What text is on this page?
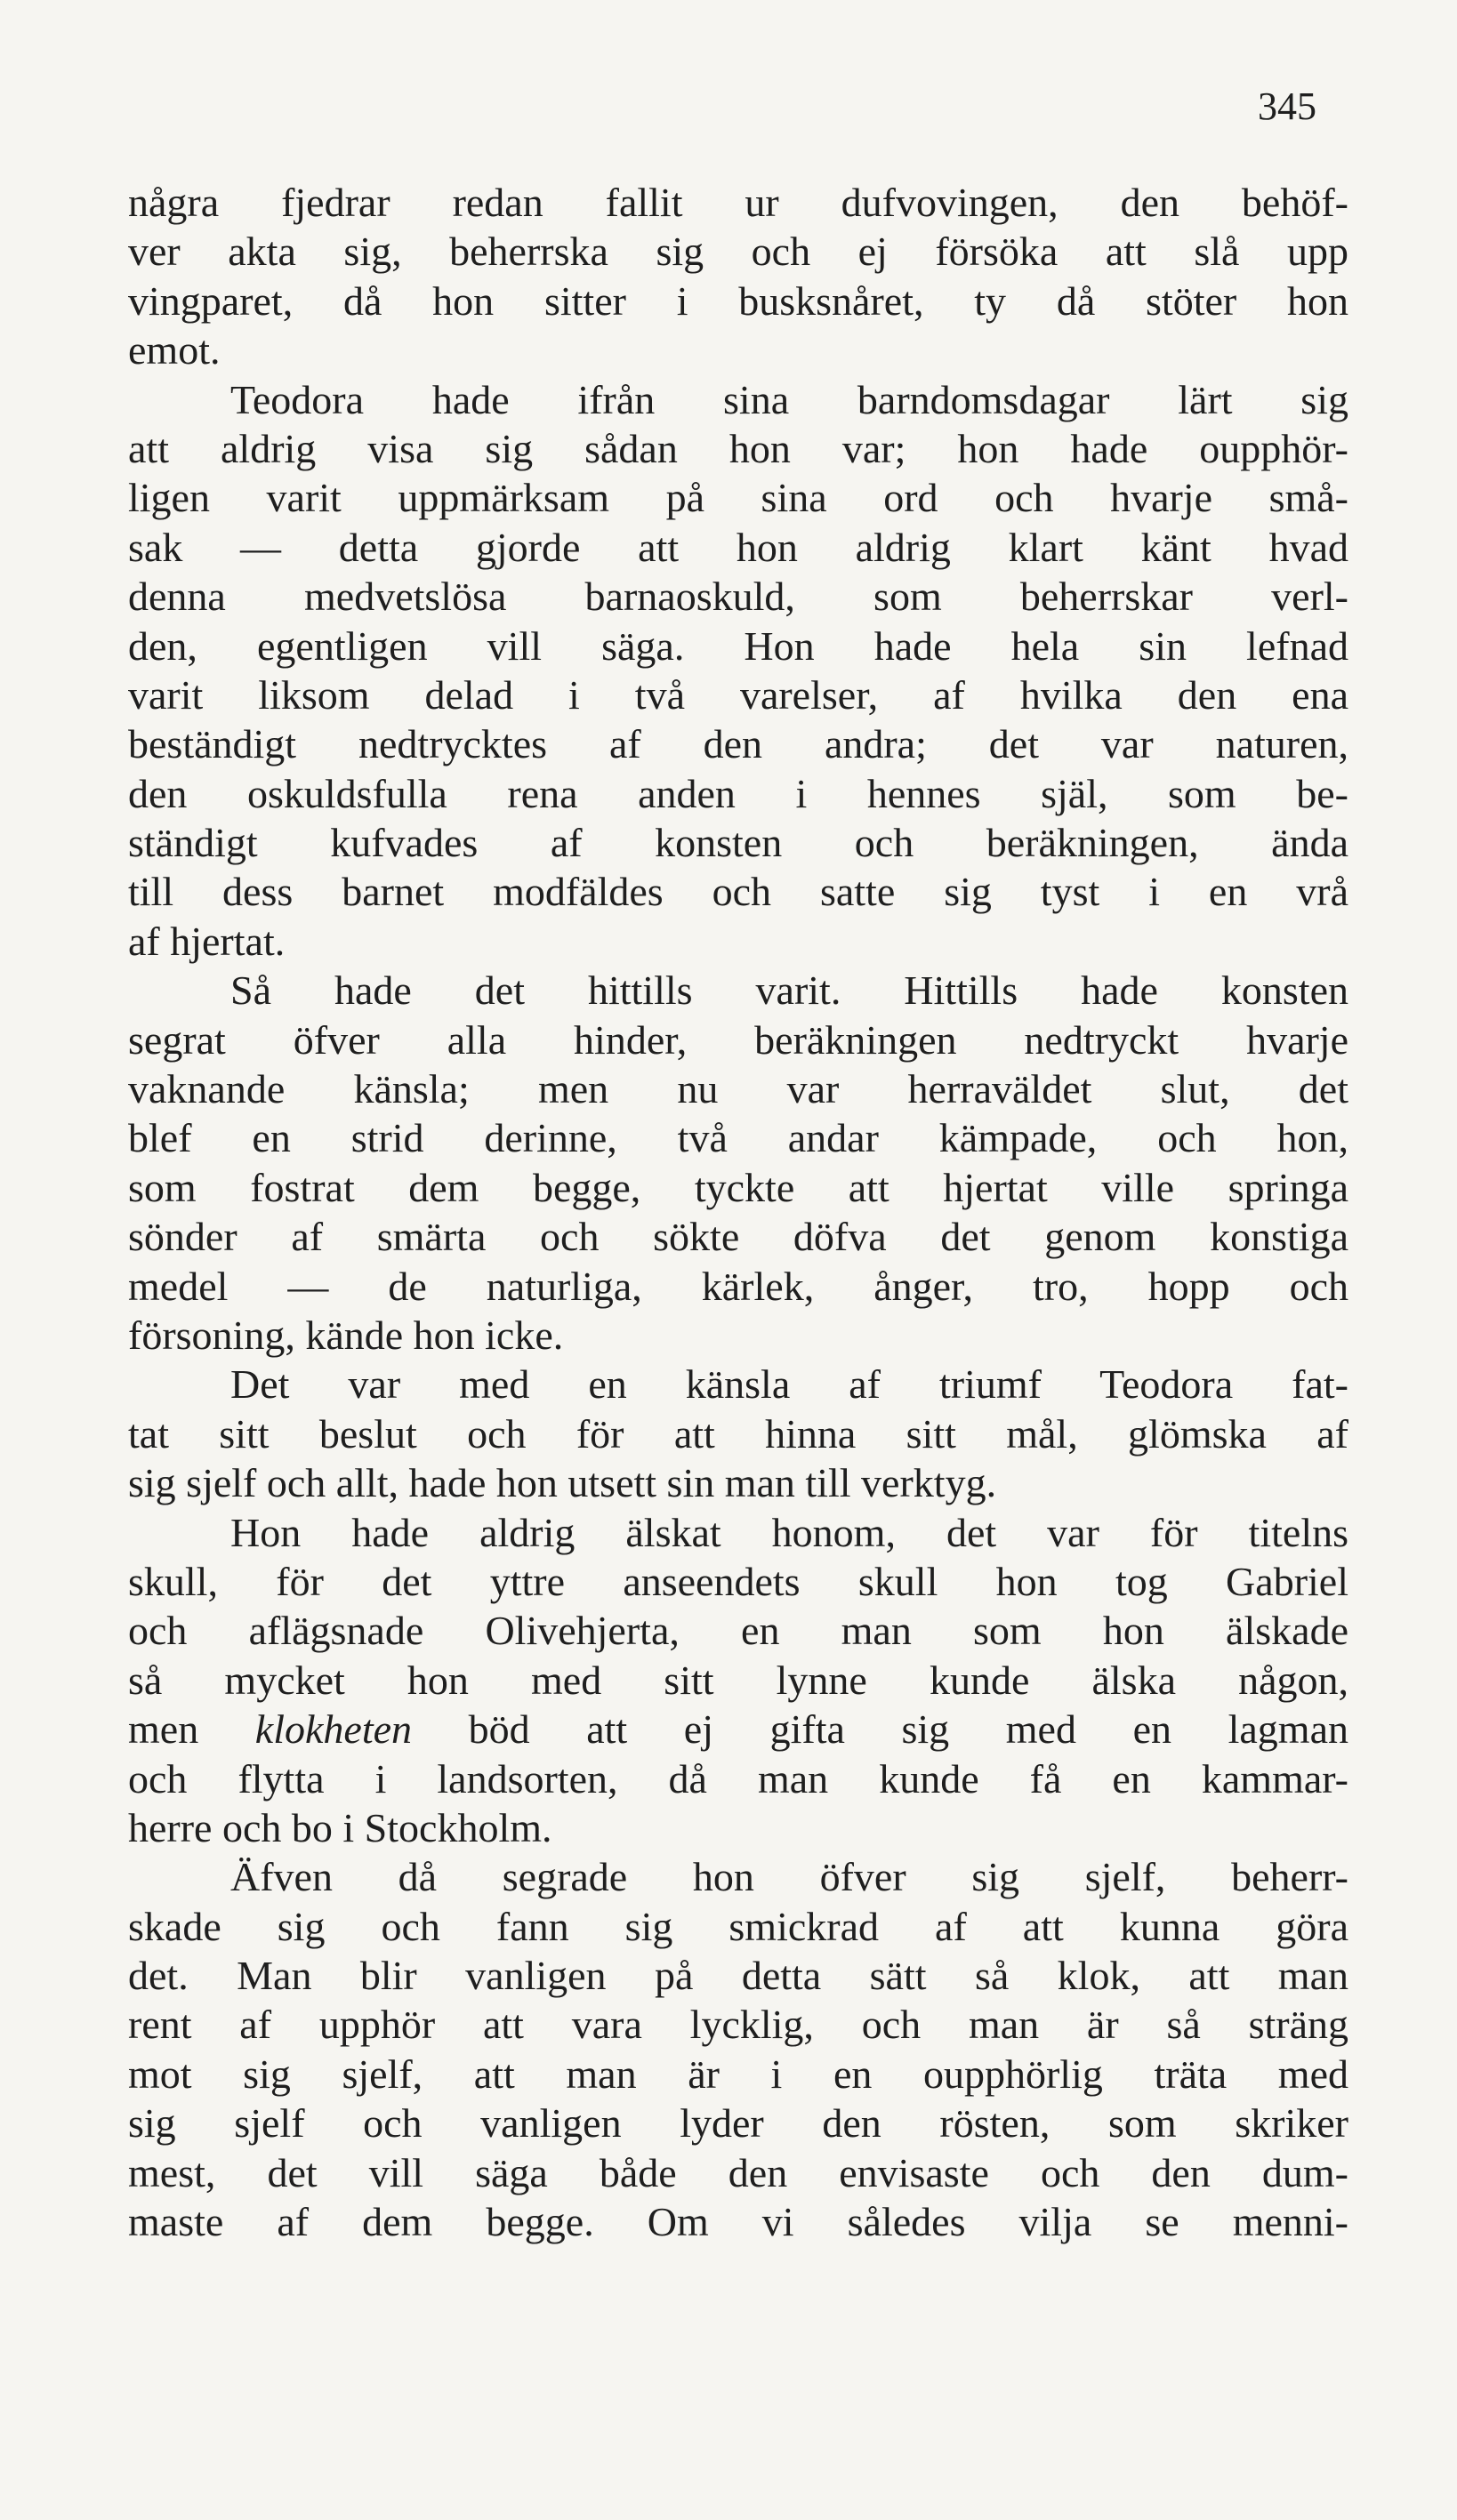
345
några fjedrar redan fallit ur dufvovingen, den behöf-
ver akta sig, beherrska sig och ej försöka att slå upp
vingparet, då hon sitter i busksnåret, ty då stöter hon
emot.
Teodora hade ifrån sina barndomsdagar lärt sig
att aldrig visa sig sådan hon var; hon hade oupphör-
ligen varit uppmärksam på sina ord och hvarje små-
sak — detta gjorde att hon aldrig klart känt hvad
denna medvetslösa barnaoskuld, som beherrskar verl-
den, egentligen vill säga. Hon hade hela sin lefnad
varit liksom delad i två varelser, af hvilka den ena
beständigt nedtrycktes af den andra; det var naturen,
den oskuldsfulla rena anden i hennes själ, som be-
ständigt kufvades af konsten och beräkningen, ända
till dess barnet modfäldes och satte sig tyst i en vrå
af hjertat.
Så hade det hittills varit. Hittills hade konsten
segrat öfver alla hinder, beräkningen nedtryckt hvarje
vaknande känsla; men nu var herraväldet slut, det
blef en strid derinne, två andar kämpade, och hon,
som fostrat dem begge, tyckte att hjertat ville springa
sönder af smärta och sökte döfva det genom konstiga
medel — de naturliga, kärlek, ånger, tro, hopp och
försoning, kände hon icke.
Det var med en känsla af triumf Teodora fat-
tat sitt beslut och för att hinna sitt mål, glömska af
sig sjelf och allt, hade hon utsett sin man till verktyg.
Hon hade aldrig älskat honom, det var för titelns
skull, för det yttre anseendets skull hon tog Gabriel
och aflägsnade Olivehjerta, en man som hon älskade
så mycket hon med sitt lynne kunde älska någon,
men klokheten böd att ej gifta sig med en lagman
och flytta i landsorten, då man kunde få en kammar-
herre och bo i Stockholm.
Äfven då segrade hon öfver sig sjelf, beherr-
skade sig och fann sig smickrad af att kunna göra
det. Man blir vanligen på detta sätt så klok, att man
rent af upphör att vara lycklig, och man är så sträng
mot sig sjelf, att man är i en oupphörlig träta med
sig sjelf och vanligen lyder den rösten, som skriker
mest, det vill säga både den envisaste och den dum-
maste af dem begge. Om vi således vilja se menni-
